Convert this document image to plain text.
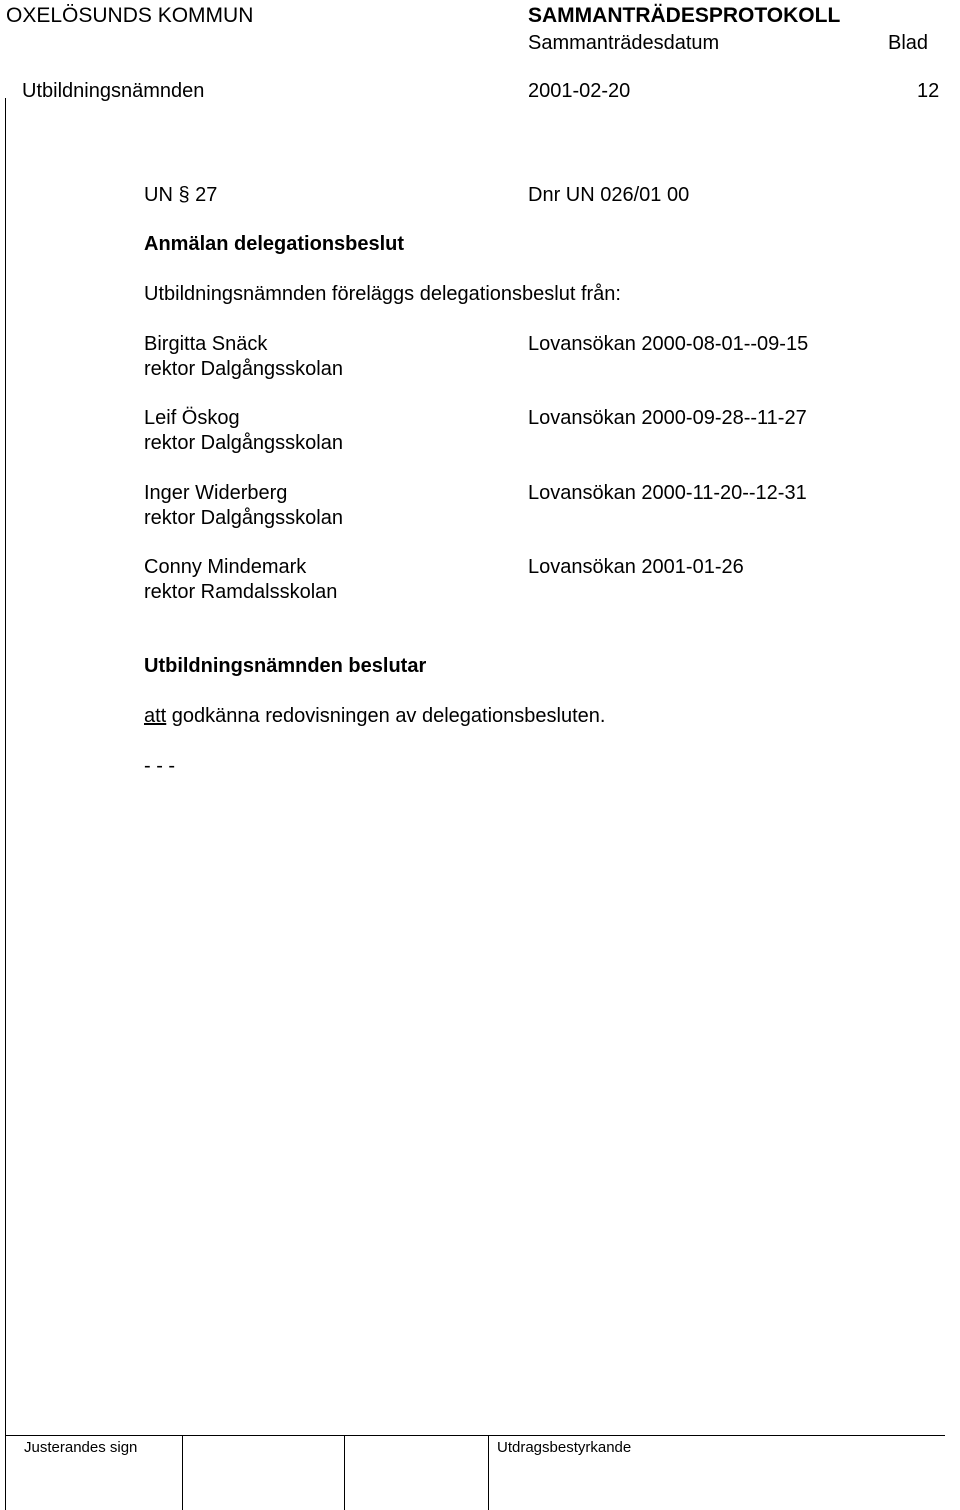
OXELÖSUNDS KOMMUN	SAMMANTRÄDESPROTOKOLL
Sammanträdesdatum	Blad
Utbildningsnämnden	2001-02-20	12
UN § 27	Dnr UN 026/01 00
Anmälan delegationsbeslut
Utbildningsnämnden föreläggs delegationsbeslut från:
Birgitta Snäck	Lovansökan 2000-08-01--09-15
rektor Dalgångsskolan
Leif Öskog	Lovansökan 2000-09-28--11-27
rektor Dalgångsskolan
Inger Widerberg	Lovansökan 2000-11-20--12-31
rektor Dalgångsskolan
Conny Mindemark	Lovansökan 2001-01-26
rektor Ramdalsskolan
Utbildningsnämnden beslutar
att godkänna redovisningen av delegationsbesluten.
- - -
Justerandes sign	Utdragsbestyrkande
